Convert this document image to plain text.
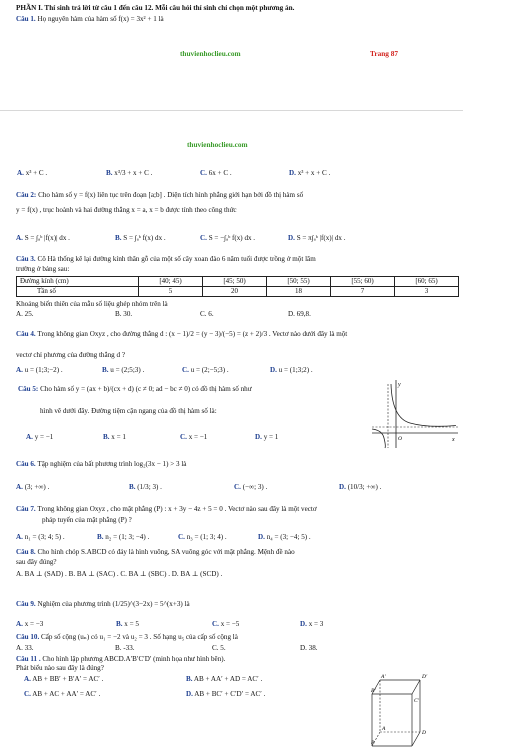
PHẦN I. Thí sinh trả lời từ câu 1 đến câu 12. Mỗi câu hỏi thí sinh chỉ chọn một phương án.
Câu 1. Họ nguyên hàm của hàm số f(x) = 3x² + 1 là
thuvienhoclieu.com	Trang 87
thuvienhoclieu.com
A. x³ + C .	B. x³/3 + x + C .	C. 6x + C .	D. x³ + x + C .
Câu 2: Cho hàm số y = f(x) liên tục trên đoạn [a;b] . Diện tích hình phẳng giới hạn bởi đồ thị hàm số
y = f(x) , trục hoành và hai đường thẳng x = a, x = b được tính theo công thức
A. S = ∫ₐᵇ |f(x)| dx .	B. S = ∫ₐᵇ f(x) dx .	C. S = −∫ₐᵇ f(x) dx .	D. S = π∫ₐᵇ |f(x)| dx .
Câu 3. Cô Hà thống kê lại đường kính thân gỗ của một số cây xoan đào 6 năm tuổi được trồng ở một lâm
trường ở bảng sau:
Đường kính (cm)	[40; 45)	[45; 50)	[50; 55)	[55; 60)	[60; 65)
Tần số	5	20	18	7	3
Khoảng biến thiên của mẫu số liệu ghép nhóm trên là
A. 25.	B. 30.	C. 6.	D. 69,8.
Câu 4. Trong không gian Oxyz , cho đường thẳng d : (x − 1)/2 = (y − 3)/(−5) = (z + 2)/3 . Vectơ nào dưới đây là một
vectơ chỉ phương của đường thẳng d ?
A. u = (1;3;−2) .	B. u = (2;5;3) .	C. u = (2;−5;3) .	D. u = (1;3;2) .
Câu 5: Cho hàm số y = (ax + b)/(cx + d) (c ≠ 0; ad − bc ≠ 0) có đồ thị hàm số như
hình vẽ dưới đây. Đường tiệm cận ngang của đồ thị hàm số là:
A. y = −1	B. x = 1	C. x = −1	D. y = 1
y
x
O
Câu 6. Tập nghiệm của bất phương trình log₂(3x − 1) > 3 là
A. (3; +∞) .	B. (1/3; 3) .	C. (−∞; 3) .	D. (10/3; +∞) .
Câu 7. Trong không gian Oxyz , cho mặt phẳng (P) : x + 3y − 4z + 5 = 0 . Vectơ nào sau đây là một vectơ
pháp tuyến của mặt phẳng (P) ?
A. n₁ = (3; 4; 5) .	B. n₂ = (1; 3; −4) .	C. n₃ = (1; 3; 4) .	D. n₄ = (3; −4; 5) .
Câu 8. Cho hình chóp S.ABCD có đáy là hình vuông, SA vuông góc với mặt phẳng. Mệnh đề nào
sau đây đúng?
A. BA ⊥ (SAD) . B. BA ⊥ (SAC) . C. BA ⊥ (SBC) . D. BA ⊥ (SCD) .
Câu 9. Nghiệm của phương trình (1/25)^(3−2x) = 5^(x+3) là
A. x = −3	B. x = 5	C. x = −5	D. x = 3
Câu 10. Cấp số cộng (uₙ) có u₁ = −2 và u₂ = 3 . Số hạng u₅ của cấp số cộng là
A. 33.	B. -33.	C. 5.	D. 38.
Câu 11 . Cho hình lập phương ABCD.A′B′C′D′ (minh họa như hình bên).
Phát biểu nào sau đây là đúng?
A. AB + BB′ + B′A′ = AC′ .	B. AB + AA′ + AD = AC′ .
C. AB + AC + AA′ = AC′ .	D. AB + BC′ + C′D′ = AC′ .
A′	D′
B′
C′
A
D
B
